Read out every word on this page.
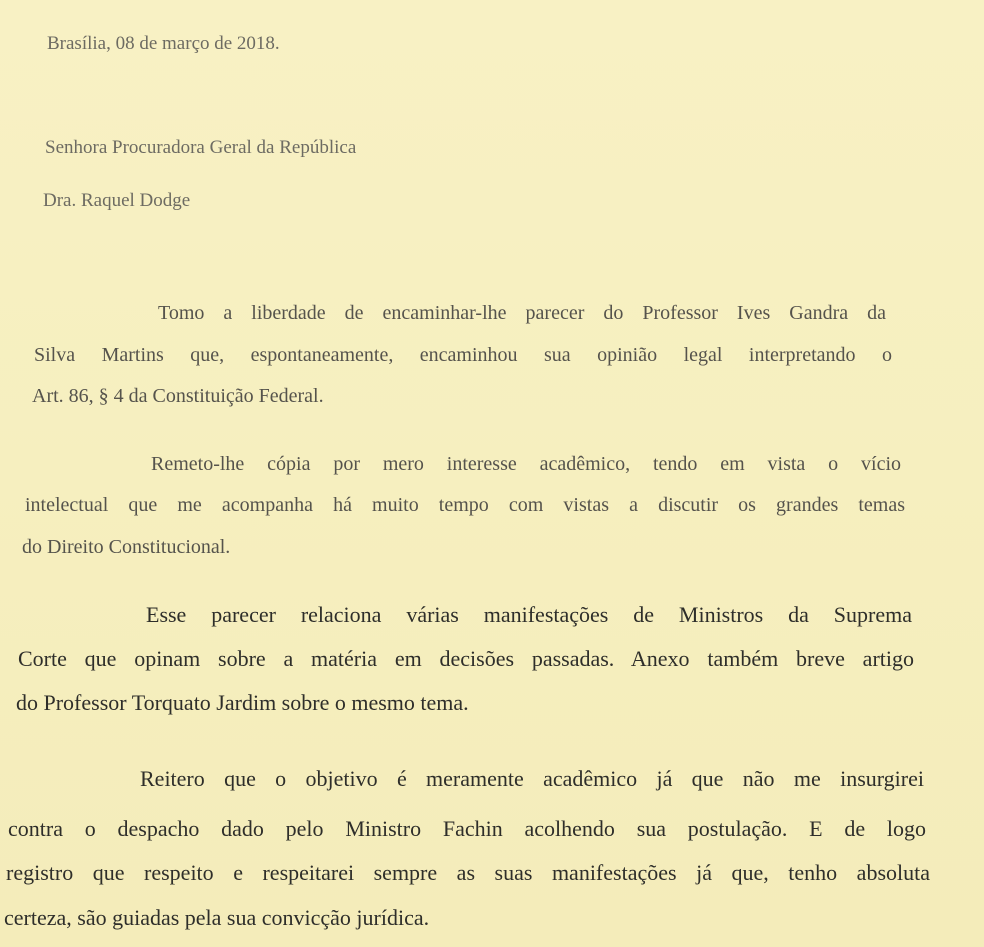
Brasília, 08 de março de 2018.
Senhora Procuradora Geral da República
Dra. Raquel Dodge
Tomo a liberdade de encaminhar-lhe parecer do Professor Ives Gandra da
Silva Martins que, espontaneamente, encaminhou sua opinião legal interpretando o
Art. 86, § 4 da Constituição Federal.
Remeto-lhe cópia por mero interesse acadêmico, tendo em vista o vício
intelectual que me acompanha há muito tempo com vistas a discutir os grandes temas
do Direito Constitucional.
Esse parecer relaciona várias manifestações de Ministros da Suprema
Corte que opinam sobre a matéria em decisões passadas. Anexo também breve artigo
do Professor Torquato Jardim sobre o mesmo tema.
Reitero que o objetivo é meramente acadêmico já que não me insurgirei
contra o despacho dado pelo Ministro Fachin acolhendo sua postulação. E de logo
registro que respeito e respeitarei sempre as suas manifestações já que, tenho absoluta
certeza, são guiadas pela sua convicção jurídica.
